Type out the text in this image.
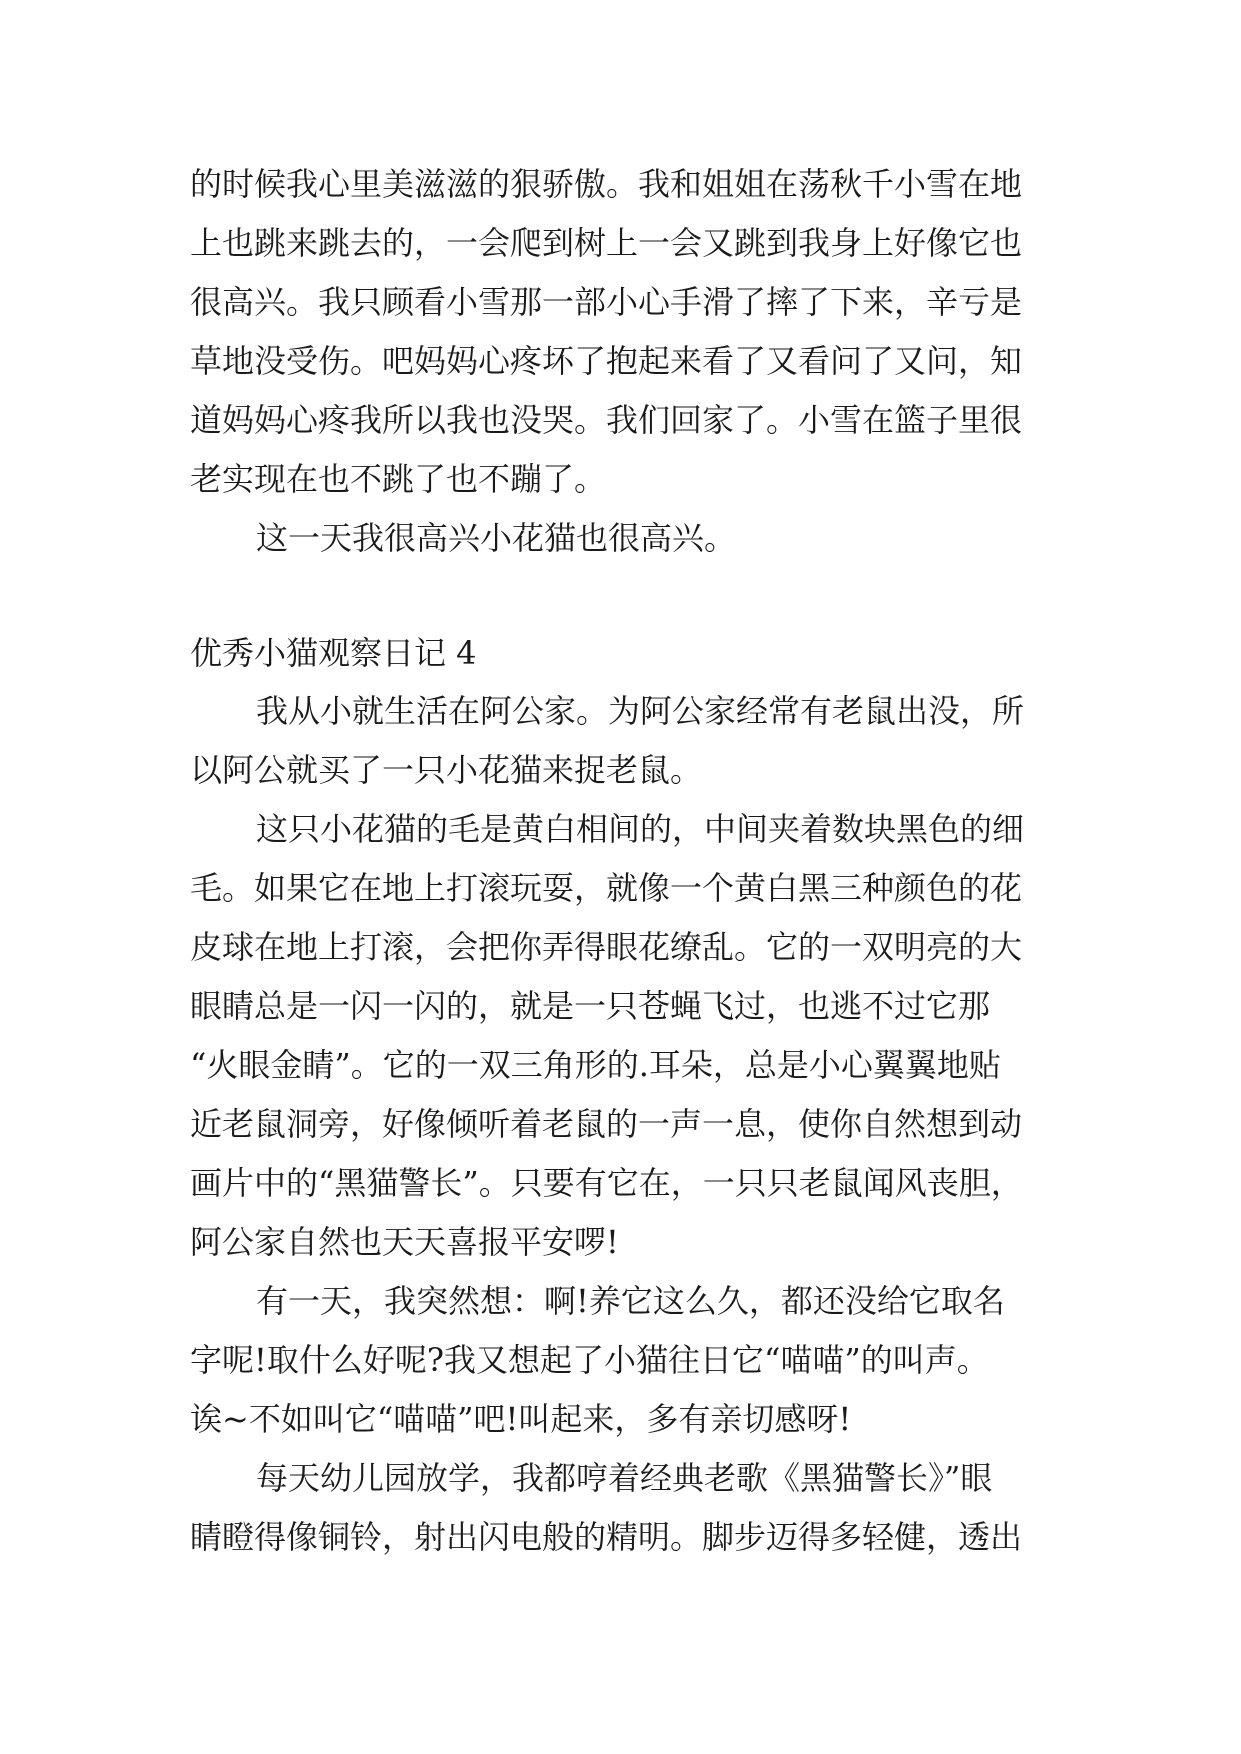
的时候我心里美滋滋的狠骄傲。我和姐姐在荡秋千小雪在地
上也跳来跳去的，一会爬到树上一会又跳到我身上好像它也
很高兴。我只顾看小雪那一部小心手滑了摔了下来，辛亏是
草地没受伤。吧妈妈心疼坏了抱起来看了又看问了又问，知
道妈妈心疼我所以我也没哭。我们回家了。小雪在篮子里很
老实现在也不跳了也不蹦了。
这一天我很高兴小花猫也很高兴。
优秀小猫观察日记 4
我从小就生活在阿公家。为阿公家经常有老鼠出没，所
以阿公就买了一只小花猫来捉老鼠。
这只小花猫的毛是黄白相间的，中间夹着数块黑色的细
毛。如果它在地上打滚玩耍，就像一个黄白黑三种颜色的花
皮球在地上打滚，会把你弄得眼花缭乱。它的一双明亮的大
眼睛总是一闪一闪的，就是一只苍蝇飞过，也逃不过它那
“火眼金睛”。它的一双三角形的.耳朵，总是小心翼翼地贴
近老鼠洞旁，好像倾听着老鼠的一声一息，使你自然想到动
画片中的“黑猫警长”。只要有它在，一只只老鼠闻风丧胆，
阿公家自然也天天喜报平安啰!
有一天，我突然想：啊!养它这么久，都还没给它取名
字呢!取什么好呢?我又想起了小猫往日它“喵喵”的叫声。
诶~不如叫它“喵喵”吧!叫起来，多有亲切感呀!
每天幼儿园放学，我都哼着经典老歌《黑猫警长》”眼
睛瞪得像铜铃，射出闪电般的精明。脚步迈得多轻健，透出
